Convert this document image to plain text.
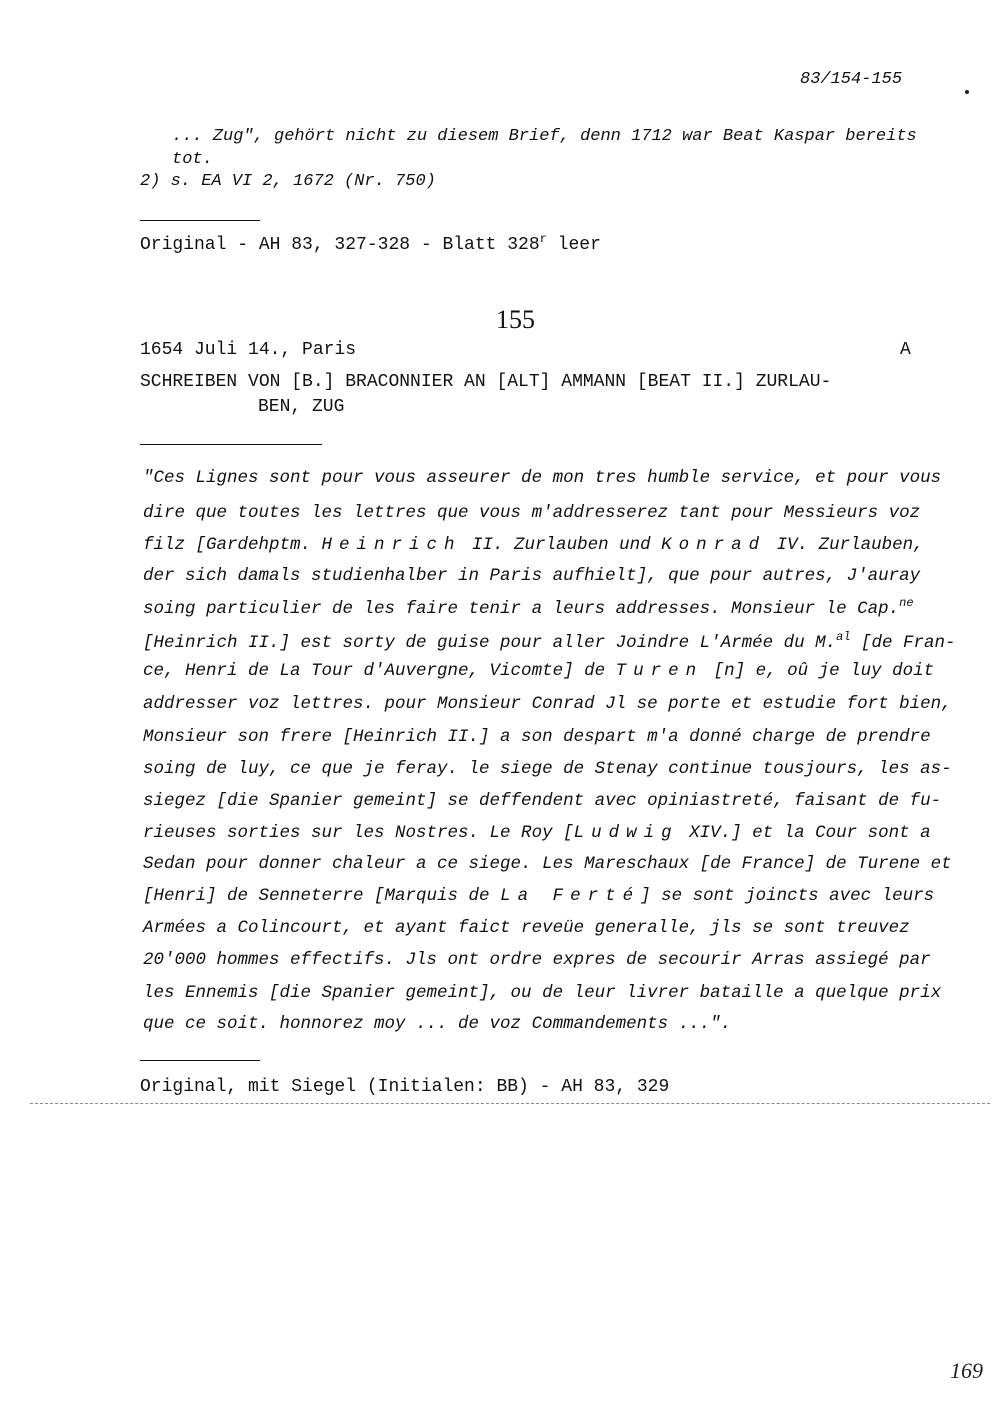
83/154-155
... Zug", gehört nicht zu diesem Brief, denn 1712 war Beat Kaspar bereits
tot.
2) s. EA VI 2, 1672 (Nr. 750)
Original - AH 83, 327-328 - Blatt 328$^r$ leer
155
1654 Juli 14., Paris	A
SCHREIBEN VON [B.] BRACONNIER AN [ALT] AMMANN [BEAT II.] ZURLAU-
BEN, ZUG
"Ces Lignes sont pour vous asseurer de mon tres humble service, et pour vous
dire que toutes les lettres que vous m'addresserez tant pour Messieurs voz
filz [Gardehptm. Heinrich II. Zurlauben und Konrad IV. Zurlauben,
der sich damals studienhalber in Paris aufhielt], que pour autres, J'auray
soing particulier de les faire tenir a leurs addresses. Monsieur le Cap.$^{ne}$
[Heinrich II.] est sorty de guise pour aller Joindre L'Armée du M.$^{al}$ [de Fran-
ce, Henri de La Tour d'Auvergne, Vicomte] de Turen [n] e, oû je luy doit
addresser voz lettres. pour Monsieur Conrad Jl se porte et estudie fort bien,
Monsieur son frere [Heinrich II.] a son despart m'a donné charge de prendre
soing de luy, ce que je feray. le siege de Stenay continue tousjours, les as-
siegez [die Spanier gemeint] se deffendent avec opiniastreté, faisant de fu-
rieuses sorties sur les Nostres. Le Roy [Ludwig XIV.] et la Cour sont a
Sedan pour donner chaleur a ce siege. Les Mareschaux [de France] de Turene et
[Henri] de Senneterre [Marquis de La Ferté] se sont joincts avec leurs
Armées a Colincourt, et ayant faict reveüe generalle, jls se sont treuvez
20'000 hommes effectifs. Jls ont ordre expres de secourir Arras assiegé par
les Ennemis [die Spanier gemeint], ou de leur livrer bataille a quelque prix
que ce soit. honnorez moy ... de voz Commandements ...".
Original, mit Siegel (Initialen: BB) - AH 83, 329
169
